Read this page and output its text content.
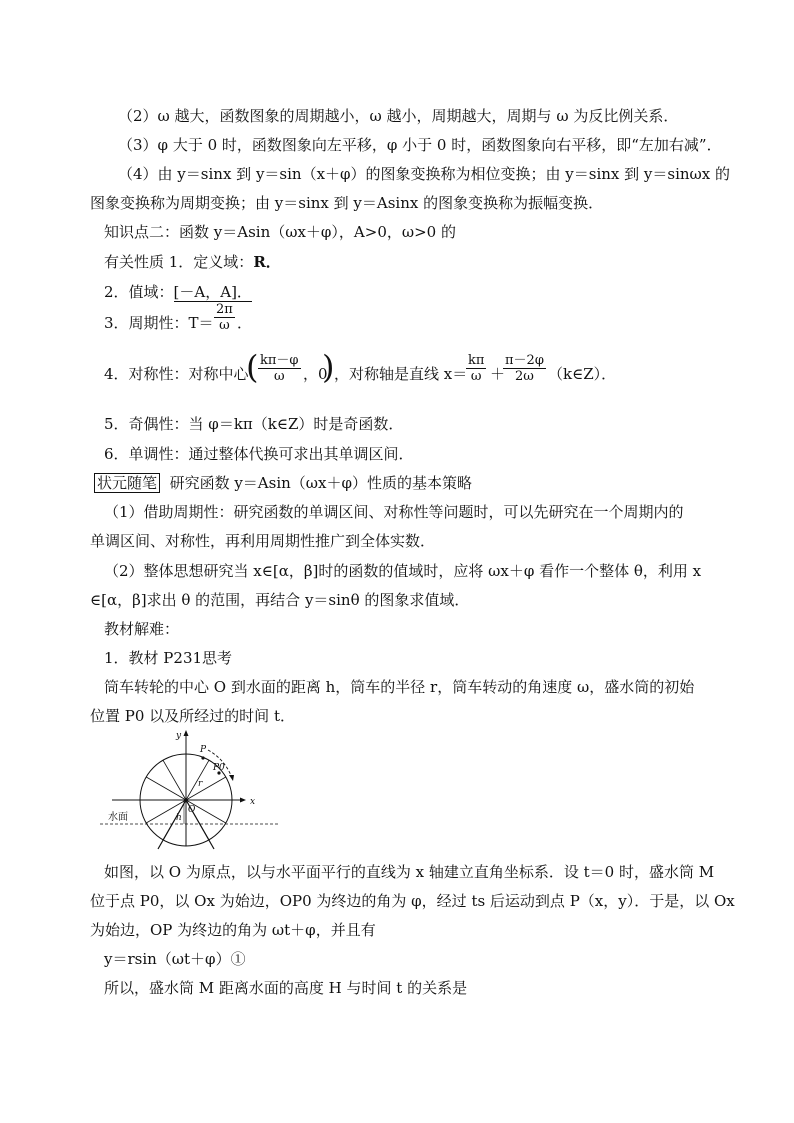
（2）ω 越大，函数图象的周期越小，ω 越小，周期越大，周期与 ω 为反比例关系．
（3）φ 大于 0 时，函数图象向左平移，φ 小于 0 时，函数图象向右平移，即“左加右减”．
（4）由 y＝sinx 到 y＝sin（x＋φ）的图象变换称为相位变换；由 y＝sinx 到 y＝sinωx 的
图象变换称为周期变换；由 y＝sinx 到 y＝Asinx 的图象变换称为振幅变换．
知识点二：函数 y＝Asin（ωx＋φ），A>0，ω>0 的
有关性质 1．定义域：R．
2．值域：[－A，A]．
3．周期性：$T= \frac{2\pi}{\omega}$ ．
4．对称性：对称中心
( $\frac{k\pi-\varphi}{\omega}$ ，0
) ，对称轴是直线 x＝
$\frac{k\pi}{\omega}$ ＋
$\frac{\pi-2\varphi}{2\omega}$ （k∈Z）．
5．奇偶性：当 φ＝kπ（k∈Z）时是奇函数．
6．单调性：通过整体代换可求出其单调区间．
状元随笔 研究函数 y＝Asin（ωx＋φ）性质的基本策略
（1）借助周期性：研究函数的单调区间、对称性等问题时，可以先研究在一个周期内的
单调区间、对称性，再利用周期性推广到全体实数．
（2）整体思想研究当 x∈[α，β]时的函数的值域时，应将 ωx＋φ 看作一个整体 θ，利用 x
∈[α，β]求出 θ 的范围，再结合 y＝sinθ 的图象求值域．
教材解难：
1．教材 P231思考
筒车转轮的中心 O 到水面的距离 h，筒车的半径 r，筒车转动的角速度 ω，盛水筒的初始
位置 P0 以及所经过的时间 t．
x
y
O
P
P0
r
h
水面
如图，以 O 为原点，以与水平面平行的直线为 x 轴建立直角坐标系．设 t＝0 时，盛水筒 M
位于点 P0，以 Ox 为始边，OP0 为终边的角为 φ，经过 ts 后运动到点 P（x，y）．于是，以 Ox
为始边，OP 为终边的角为 ωt＋φ，并且有
y＝rsin（ωt＋φ）①
所以，盛水筒 M 距离水面的高度 H 与时间 t 的关系是
